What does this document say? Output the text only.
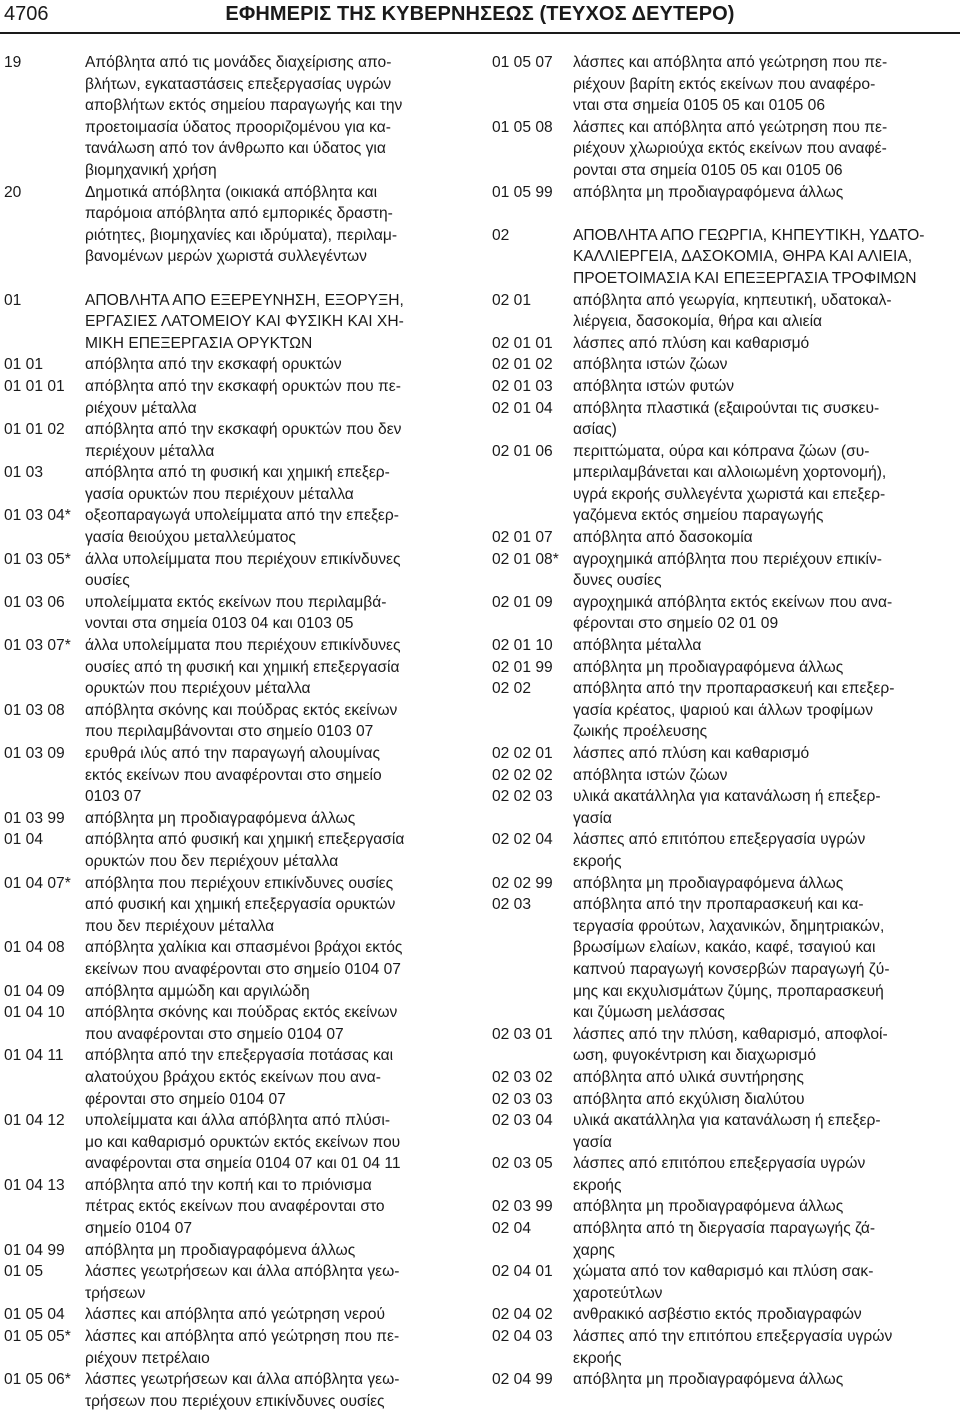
4706	ΕΦΗΜΕΡΙΣ ΤΗΣ ΚΥΒΕΡΝΗΣΕΩΣ (ΤΕΥΧΟΣ ΔΕΥΤΕΡΟ)
19	Απόβλητα από τις μονάδες διαχείρισης απο-
βλήτων, εγκαταστάσεις επεξεργασίας υγρών
αποβλήτων εκτός σημείου παραγωγής και την
προετοιμασία ύδατος προοριζομένου για κα-
τανάλωση από τον άνθρωπο και ύδατος για
βιομηχανική χρήση
20	Δημοτικά απόβλητα (οικιακά απόβλητα και
παρόμοια απόβλητα από εμπορικές δραστη-
ριότητες, βιομηχανίες και ιδρύματα), περιλαμ-
βανομένων μερών χωριστά συλλεγέντων
01	ΑΠΟΒΛΗΤΑ ΑΠΟ ΕΞΕΡΕΥΝΗΣΗ, ΕΞΟΡΥΞΗ,
ΕΡΓΑΣΙΕΣ ΛΑΤΟΜΕΙΟΥ ΚΑΙ ΦΥΣΙΚΗ ΚΑΙ ΧΗ-
ΜΙΚΗ ΕΠΕΞΕΡΓΑΣΙΑ ΟΡΥΚΤΩΝ
01 01	απόβλητα από την εκσκαφή ορυκτών
01 01 01	απόβλητα από την εκσκαφή ορυκτών που πε-
ριέχουν μέταλλα
01 01 02	απόβλητα από την εκσκαφή ορυκτών που δεν
περιέχουν μέταλλα
01 03	απόβλητα από τη φυσική και χημική επεξερ-
γασία ορυκτών που περιέχουν μέταλλα
01 03 04* οξεοπαραγωγά υπολείμματα από την επεξερ-
γασία θειούχου μεταλλεύματος
01 03 05* άλλα υπολείμματα που περιέχουν επικίνδυνες
ουσίες
01 03 06	υπολείμματα εκτός εκείνων που περιλαμβά-
νονται στα σημεία 0103 04 και 0103 05
01 03 07* άλλα υπολείμματα που περιέχουν επικίνδυνες
ουσίες από τη φυσική και χημική επεξεργασία
ορυκτών που περιέχουν μέταλλα
01 03 08	απόβλητα σκόνης και πούδρας εκτός εκείνων
που περιλαμβάνονται στο σημείο 0103 07
01 03 09	ερυθρά ιλύς από την παραγωγή αλουμίνας
εκτός εκείνων που αναφέρονται στο σημείο
0103 07
01 03 99	απόβλητα μη προδιαγραφόμενα άλλως
01 04	απόβλητα από φυσική και χημική επεξεργασία
ορυκτών που δεν περιέχουν μέταλλα
01 04 07* απόβλητα που περιέχουν επικίνδυνες ουσίες
από φυσική και χημική επεξεργασία ορυκτών
που δεν περιέχουν μέταλλα
01 04 08	απόβλητα χαλίκια και σπασμένοι βράχοι εκτός
εκείνων που αναφέρονται στο σημείο 0104 07
01 04 09	απόβλητα αμμώδη και αργιλώδη
01 04 10	απόβλητα σκόνης και πούδρας εκτός εκείνων
που αναφέρονται στο σημείο 0104 07
01 04 11	απόβλητα από την επεξεργασία ποτάσας και
αλατούχου βράχου εκτός εκείνων που ανα-
φέρονται στο σημείο 0104 07
01 04 12	υπολείμματα και άλλα απόβλητα από πλύσι-
μο και καθαρισμό ορυκτών εκτός εκείνων που
αναφέρονται στα σημεία 0104 07 και 01 04 11
01 04 13	απόβλητα από την κοπή και το πριόνισμα
πέτρας εκτός εκείνων που αναφέρονται στο
σημείο 0104 07
01 04 99	απόβλητα μη προδιαγραφόμενα άλλως
01 05	λάσπες γεωτρήσεων και άλλα απόβλητα γεω-
τρήσεων
01 05 04	λάσπες και απόβλητα από γεώτρηση νερού
01 05 05* λάσπες και απόβλητα από γεώτρηση που πε-
ριέχουν πετρέλαιο
01 05 06* λάσπες γεωτρήσεων και άλλα απόβλητα γεω-
τρήσεων που περιέχουν επικίνδυνες ουσίες
01 05 07	λάσπες και απόβλητα από γεώτρηση που πε-
ριέχουν βαρίτη εκτός εκείνων που αναφέρο-
νται στα σημεία 0105 05 και 0105 06
01 05 08	λάσπες και απόβλητα από γεώτρηση που πε-
ριέχουν χλωριούχα εκτός εκείνων που αναφέ-
ρονται στα σημεία 0105 05 και 0105 06
01 05 99	απόβλητα μη προδιαγραφόμενα άλλως
02	ΑΠΟΒΛΗΤΑ ΑΠΟ ΓΕΩΡΓΙΑ, ΚΗΠΕΥΤΙΚΗ, ΥΔΑΤΟ-
ΚΑΛΛΙΕΡΓΕΙΑ, ΔΑΣΟΚΟΜΙΑ, ΘΗΡΑ ΚΑΙ ΑΛΙΕΙΑ,
ΠΡΟΕΤΟΙΜΑΣΙΑ ΚΑΙ ΕΠΕΞΕΡΓΑΣΙΑ ΤΡΟΦΙΜΩΝ
02 01	απόβλητα από γεωργία, κηπευτική, υδατοκαλ-
λιέργεια, δασοκομία, θήρα και αλιεία
02 01 01	λάσπες από πλύση και καθαρισμό
02 01 02	απόβλητα ιστών ζώων
02 01 03	απόβλητα ιστών φυτών
02 01 04	απόβλητα πλαστικά (εξαιρούνται τις συσκευ-
ασίας)
02 01 06	περιττώματα, ούρα και κόπρανα ζώων (συ-
μπεριλαμβάνεται και αλλοιωμένη χορτονομή),
υγρά εκροής συλλεγέντα χωριστά και επεξερ-
γαζόμενα εκτός σημείου παραγωγής
02 01 07	απόβλητα από δασοκομία
02 01 08* αγροχημικά απόβλητα που περιέχουν επικίν-
δυνες ουσίες
02 01 09	αγροχημικά απόβλητα εκτός εκείνων που ανα-
φέρονται στο σημείο 02 01 09
02 01 10	απόβλητα μέταλλα
02 01 99	απόβλητα μη προδιαγραφόμενα άλλως
02 02	απόβλητα από την προπαρασκευή και επεξερ-
γασία κρέατος, ψαριού και άλλων τροφίμων
ζωικής προέλευσης
02 02 01	λάσπες από πλύση και καθαρισμό
02 02 02	απόβλητα ιστών ζώων
02 02 03	υλικά ακατάλληλα για κατανάλωση ή επεξερ-
γασία
02 02 04	λάσπες από επιτόπου επεξεργασία υγρών
εκροής
02 02 99	απόβλητα μη προδιαγραφόμενα άλλως
02 03	απόβλητα από την προπαρασκευή και κα-
τεργασία φρούτων, λαχανικών, δημητριακών,
βρωσίμων ελαίων, κακάο, καφέ, τσαγιού και
καπνού παραγωγή κονσερβών παραγωγή ζύ-
μης και εκχυλισμάτων ζύμης, προπαρασκευή
και ζύμωση μελάσσας
02 03 01	λάσπες από την πλύση, καθαρισμό, αποφλοί-
ωση, φυγοκέντριση και διαχωρισμό
02 03 02	απόβλητα από υλικά συντήρησης
02 03 03	απόβλητα από εκχύλιση διαλύτου
02 03 04	υλικά ακατάλληλα για κατανάλωση ή επεξερ-
γασία
02 03 05	λάσπες από επιτόπου επεξεργασία υγρών
εκροής
02 03 99	απόβλητα μη προδιαγραφόμενα άλλως
02 04	απόβλητα από τη διεργασία παραγωγής ζά-
χαρης
02 04 01	χώματα από τον καθαρισμό και πλύση σακ-
χαροτεύτλων
02 04 02	ανθρακικό ασβέστιο εκτός προδιαγραφών
02 04 03	λάσπες από την επιτόπου επεξεργασία υγρών
εκροής
02 04 99	απόβλητα μη προδιαγραφόμενα άλλως
